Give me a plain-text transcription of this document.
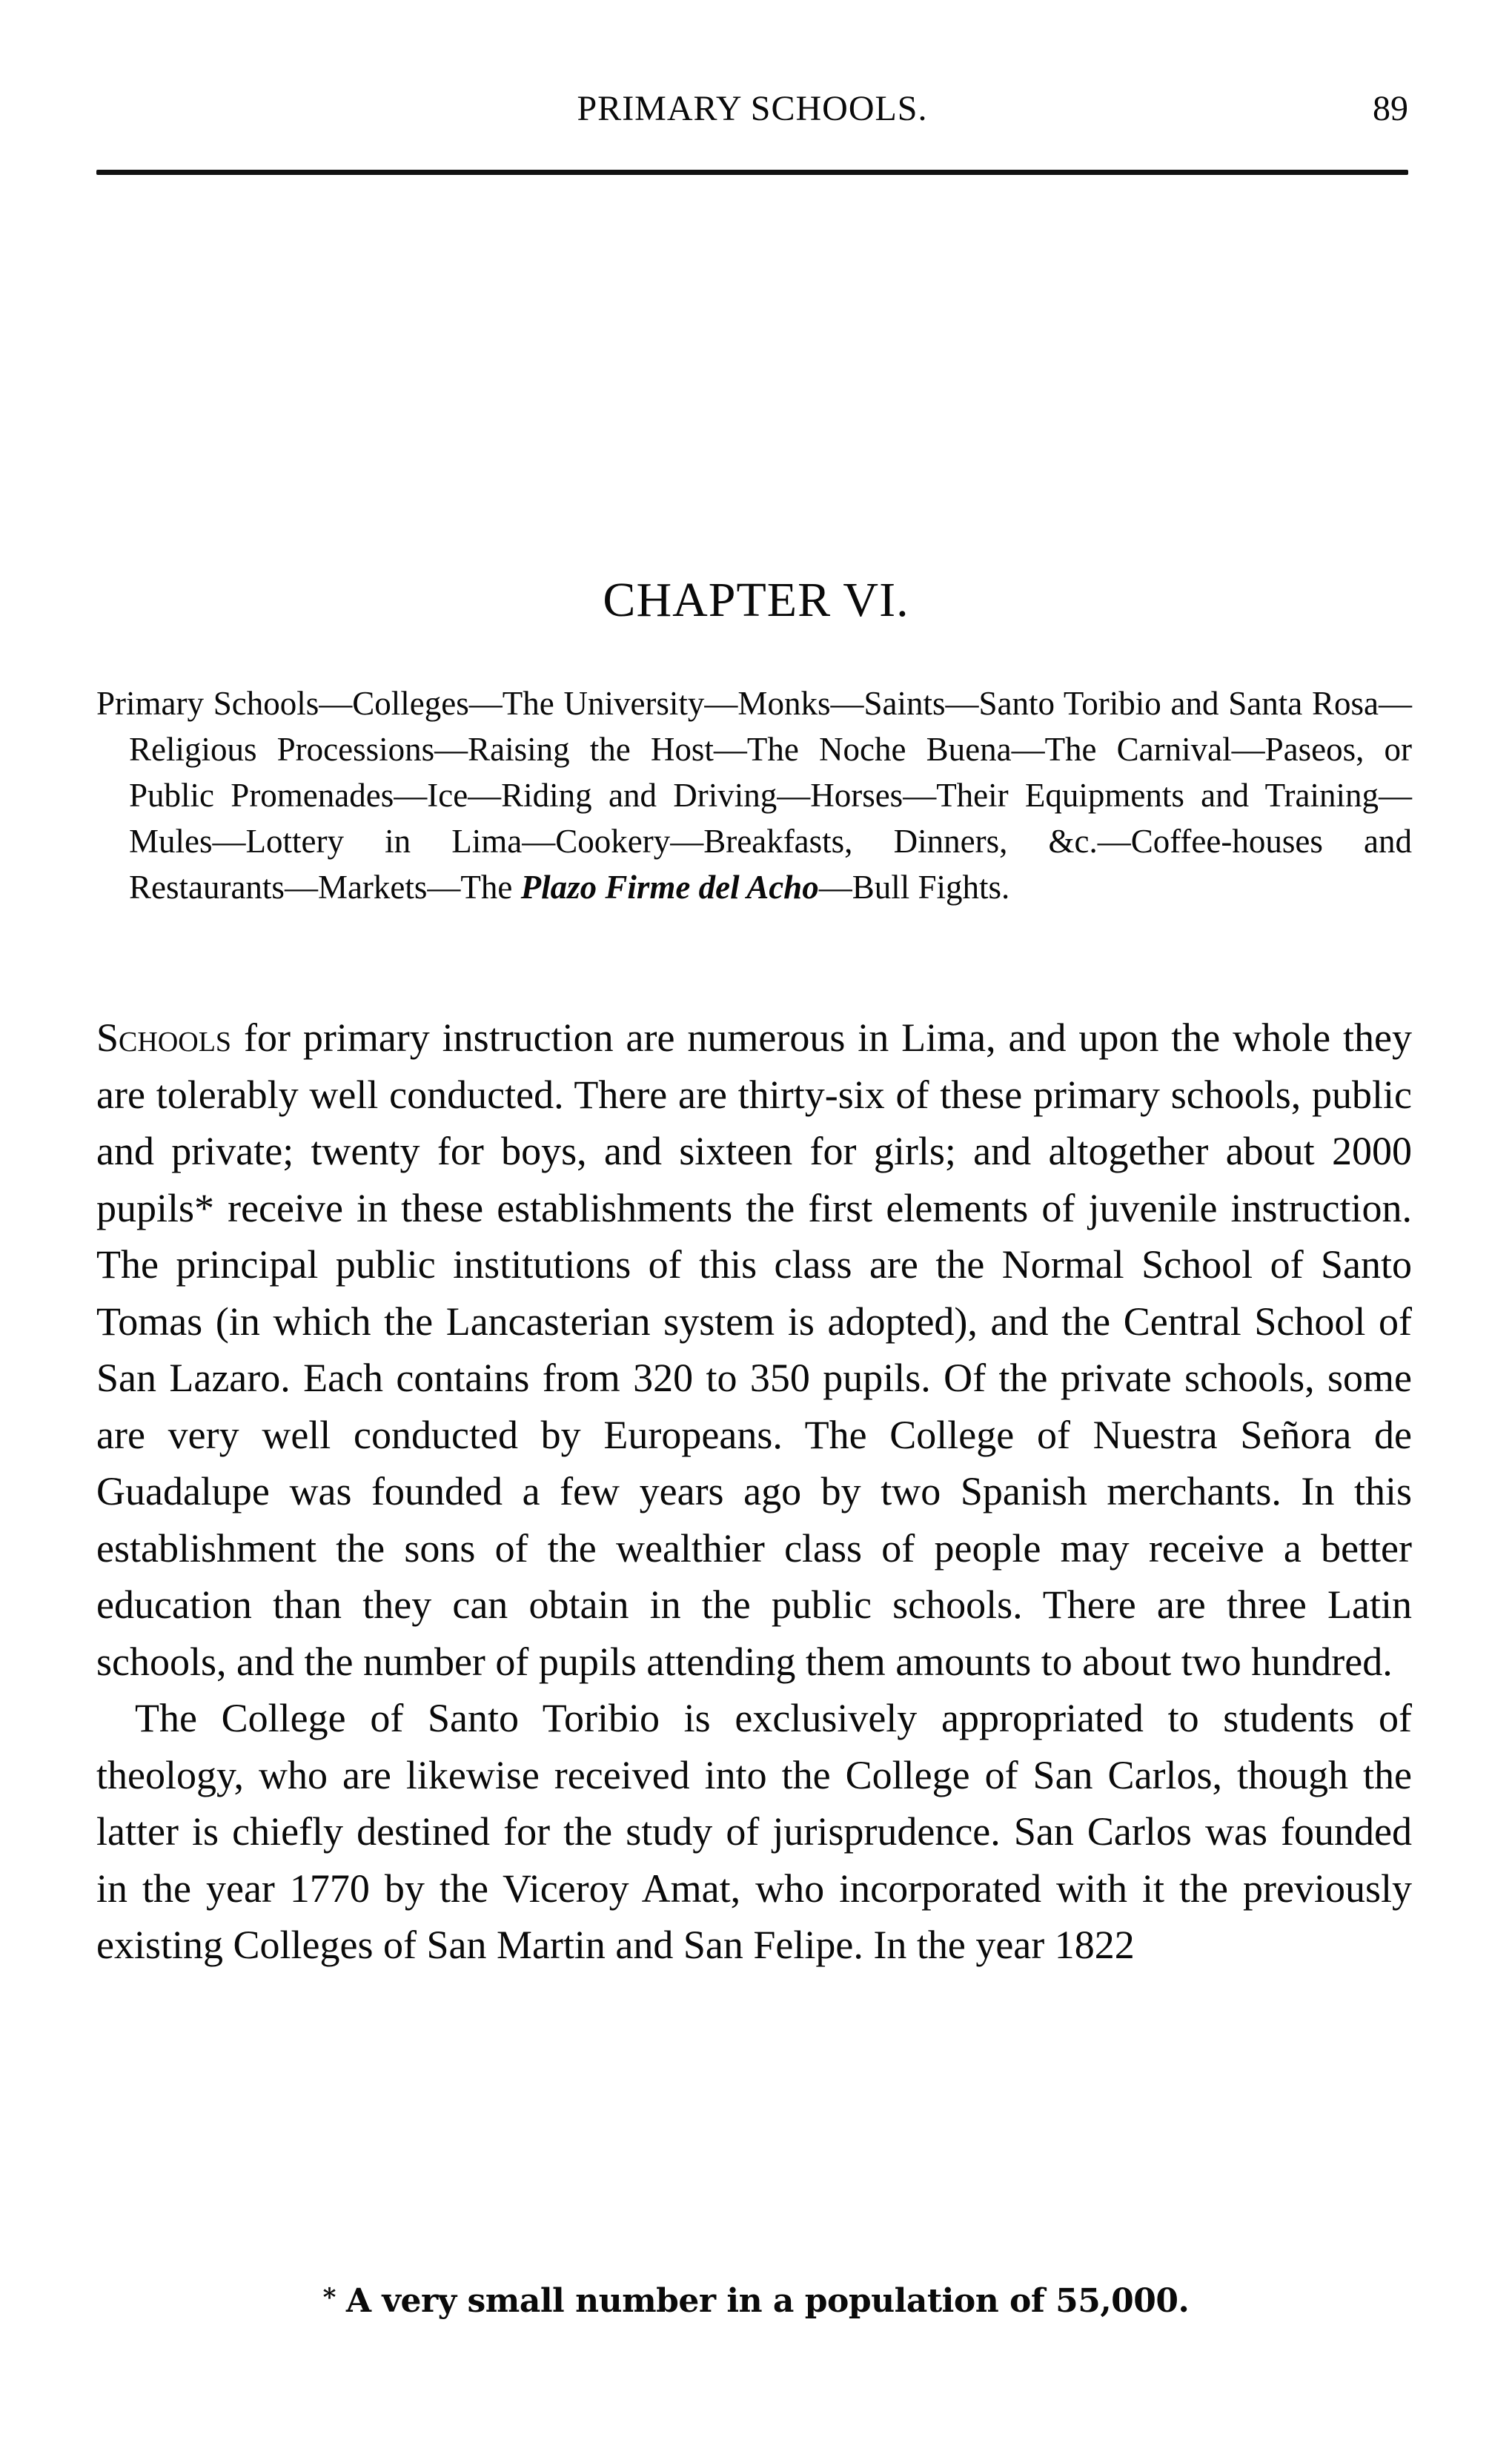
PRIMARY SCHOOLS.	89
CHAPTER VI.
Primary Schools—Colleges—The University—Monks—Saints—Santo Toribio and Santa Rosa—Religious Processions—Raising the Host—The Noche Buena—The Carnival—Paseos, or Public Promenades—Ice—Riding and Driving—Horses—Their Equipments and Training—Mules—Lottery in Lima—Cookery—Breakfasts, Dinners, &c.—Coffee-houses and Restaurants—Markets—The Plazo Firme del Acho—Bull Fights.

Schools for primary instruction are numerous in Lima, and upon the whole they are tolerably well conducted. There are thirty-six of these primary schools, public and private; twenty for boys, and sixteen for girls; and altogether about 2000 pupils* receive in these establishments the first elements of juvenile instruction. The principal public institutions of this class are the Normal School of Santo Tomas (in which the Lancasterian system is adopted), and the Central School of San Lazaro. Each contains from 320 to 350 pupils. Of the private schools, some are very well conducted by Europeans. The College of Nuestra Señora de Guadalupe was founded a few years ago by two Spanish merchants. In this establishment the sons of the wealthier class of people may receive a better education than they can obtain in the public schools. There are three Latin schools, and the number of pupils attending them amounts to about two hundred.

The College of Santo Toribio is exclusively appropriated to students of theology, who are likewise received into the College of San Carlos, though the latter is chiefly destined for the study of jurisprudence. San Carlos was founded in the year 1770 by the Viceroy Amat, who incorporated with it the previously existing Colleges of San Martin and San Felipe. In the year 1822

* A very small number in a population of 55,000.
